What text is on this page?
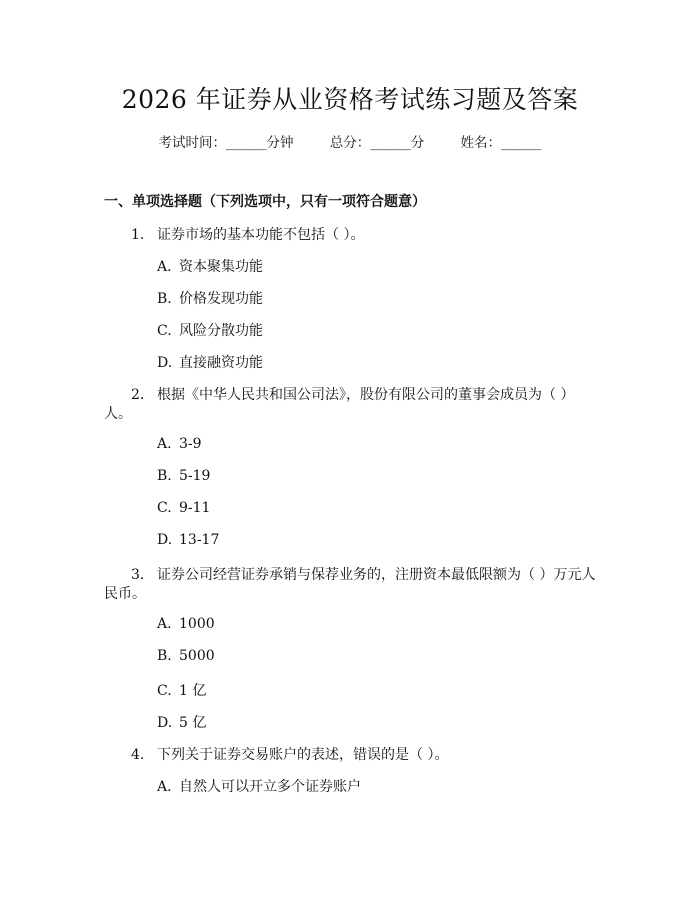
2026 年证券从业资格考试练习题及答案
考试时间：______分钟	总分：______分	姓名：______
一、单项选择题（下列选项中，只有一项符合题意）
1. 证券市场的基本功能不包括（ ）。
A. 资本聚集功能
B. 价格发现功能
C. 风险分散功能
D. 直接融资功能
2. 根据《中华人民共和国公司法》，股份有限公司的董事会成员为（ ）
人。
A. 3-9
B. 5-19
C. 9-11
D. 13-17
3. 证券公司经营证券承销与保荐业务的，注册资本最低限额为（ ）万元人
民币。
A. 1000
B. 5000
C. 1 亿
D. 5 亿
4. 下列关于证券交易账户的表述，错误的是（ ）。
A. 自然人可以开立多个证券账户
